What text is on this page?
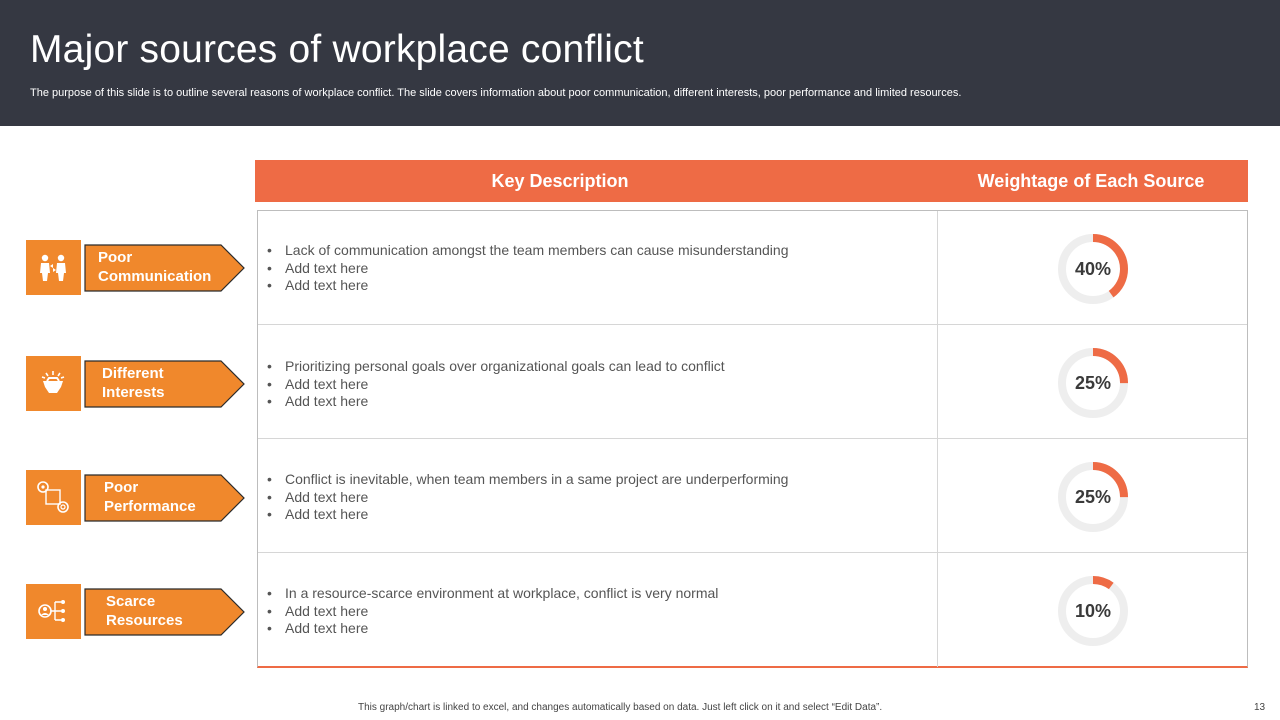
Major sources of workplace conflict

The purpose of this slide is to outline several reasons of workplace conflict. The slide covers information about poor communication, different interests, poor performance and limited resources.

Key Description	Weightage of Each Source
Poor
Communication
Different
Interests
Poor
Performance
Scarce
Resources
• Lack of communication amongst the team members can cause misunderstanding
• Add text here
• Add text here
40%
• Prioritizing personal goals over organizational goals can lead to conflict
• Add text here
• Add text here
25%
• Conflict is inevitable, when team members in a same project are underperforming
• Add text here
• Add text here
25%
• In a resource-scarce environment at workplace, conflict is very normal
• Add text here
• Add text here
10%
This graph/chart is linked to excel, and changes automatically based on data. Just left click on it and select “Edit Data”.	13
